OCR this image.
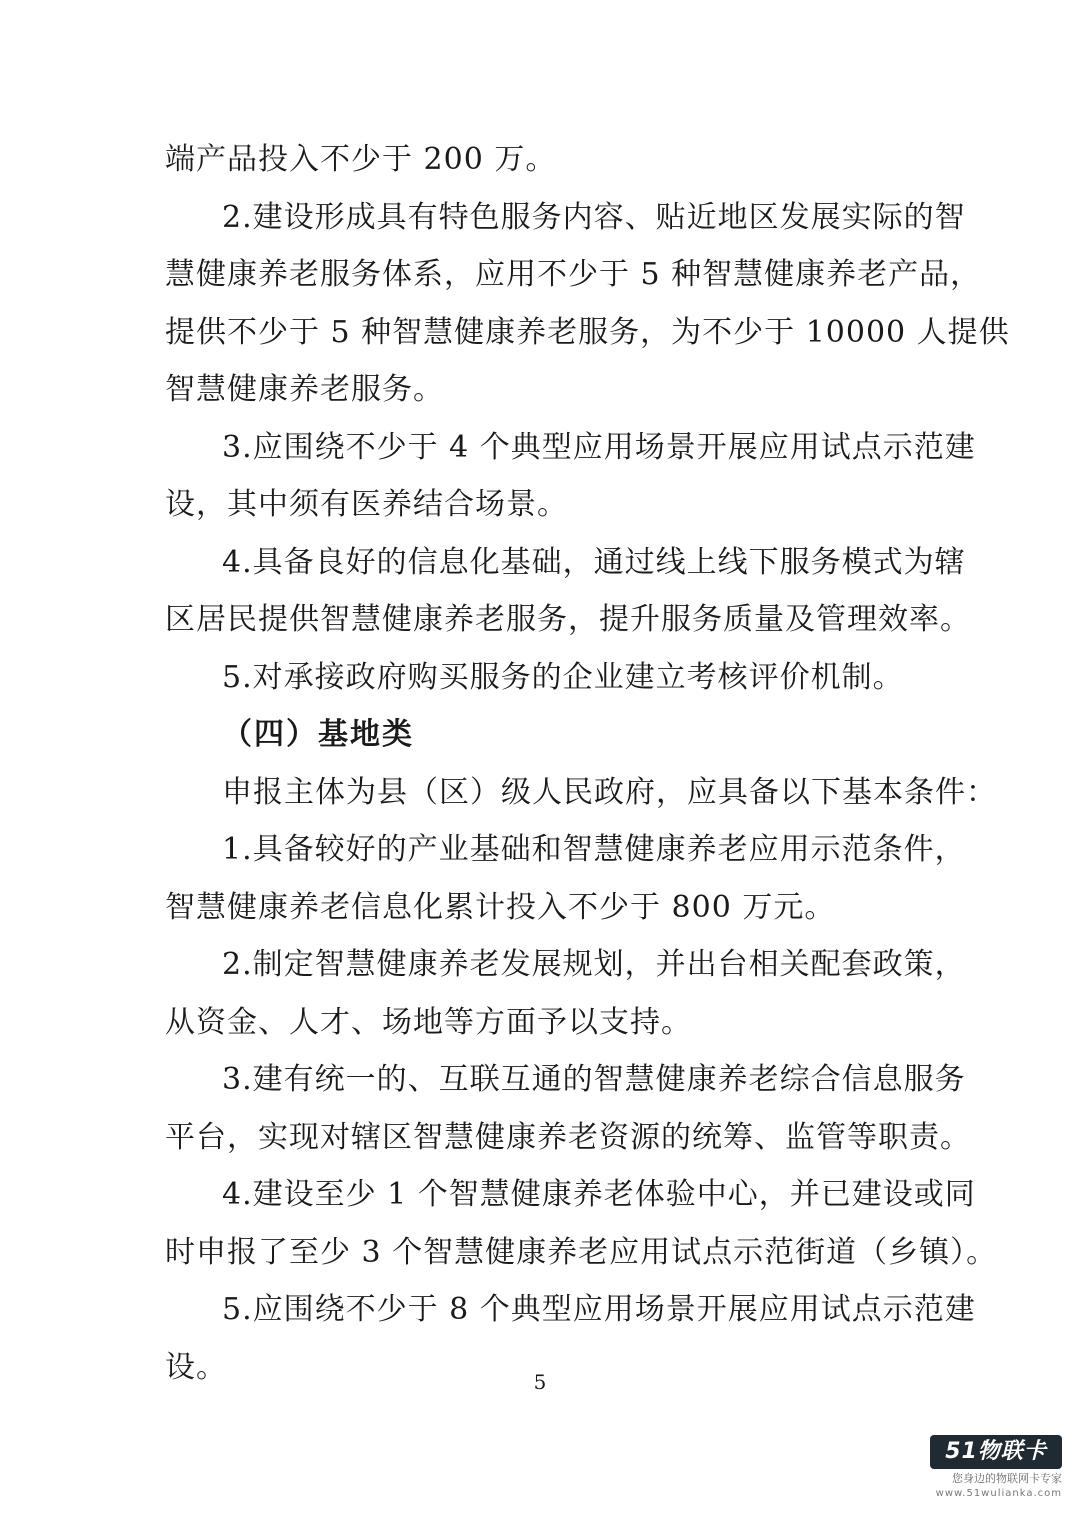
端产品投入不少于 200 万。
2.建设形成具有特色服务内容、贴近地区发展实际的智
慧健康养老服务体系，应用不少于 5 种智慧健康养老产品，
提供不少于 5 种智慧健康养老服务，为不少于 10000 人提供
智慧健康养老服务。
3.应围绕不少于 4 个典型应用场景开展应用试点示范建
设，其中须有医养结合场景。
4.具备良好的信息化基础，通过线上线下服务模式为辖
区居民提供智慧健康养老服务，提升服务质量及管理效率。
5.对承接政府购买服务的企业建立考核评价机制。
（四）基地类
申报主体为县（区）级人民政府，应具备以下基本条件：
1.具备较好的产业基础和智慧健康养老应用示范条件，
智慧健康养老信息化累计投入不少于 800 万元。
2.制定智慧健康养老发展规划，并出台相关配套政策，
从资金、人才、场地等方面予以支持。
3.建有统一的、互联互通的智慧健康养老综合信息服务
平台，实现对辖区智慧健康养老资源的统筹、监管等职责。
4.建设至少 1 个智慧健康养老体验中心，并已建设或同
时申报了至少 3 个智慧健康养老应用试点示范街道（乡镇）。
5.应围绕不少于 8 个典型应用场景开展应用试点示范建
设。	5
51物联卡
您身边的物联网卡专家
www.51wulianka.com
